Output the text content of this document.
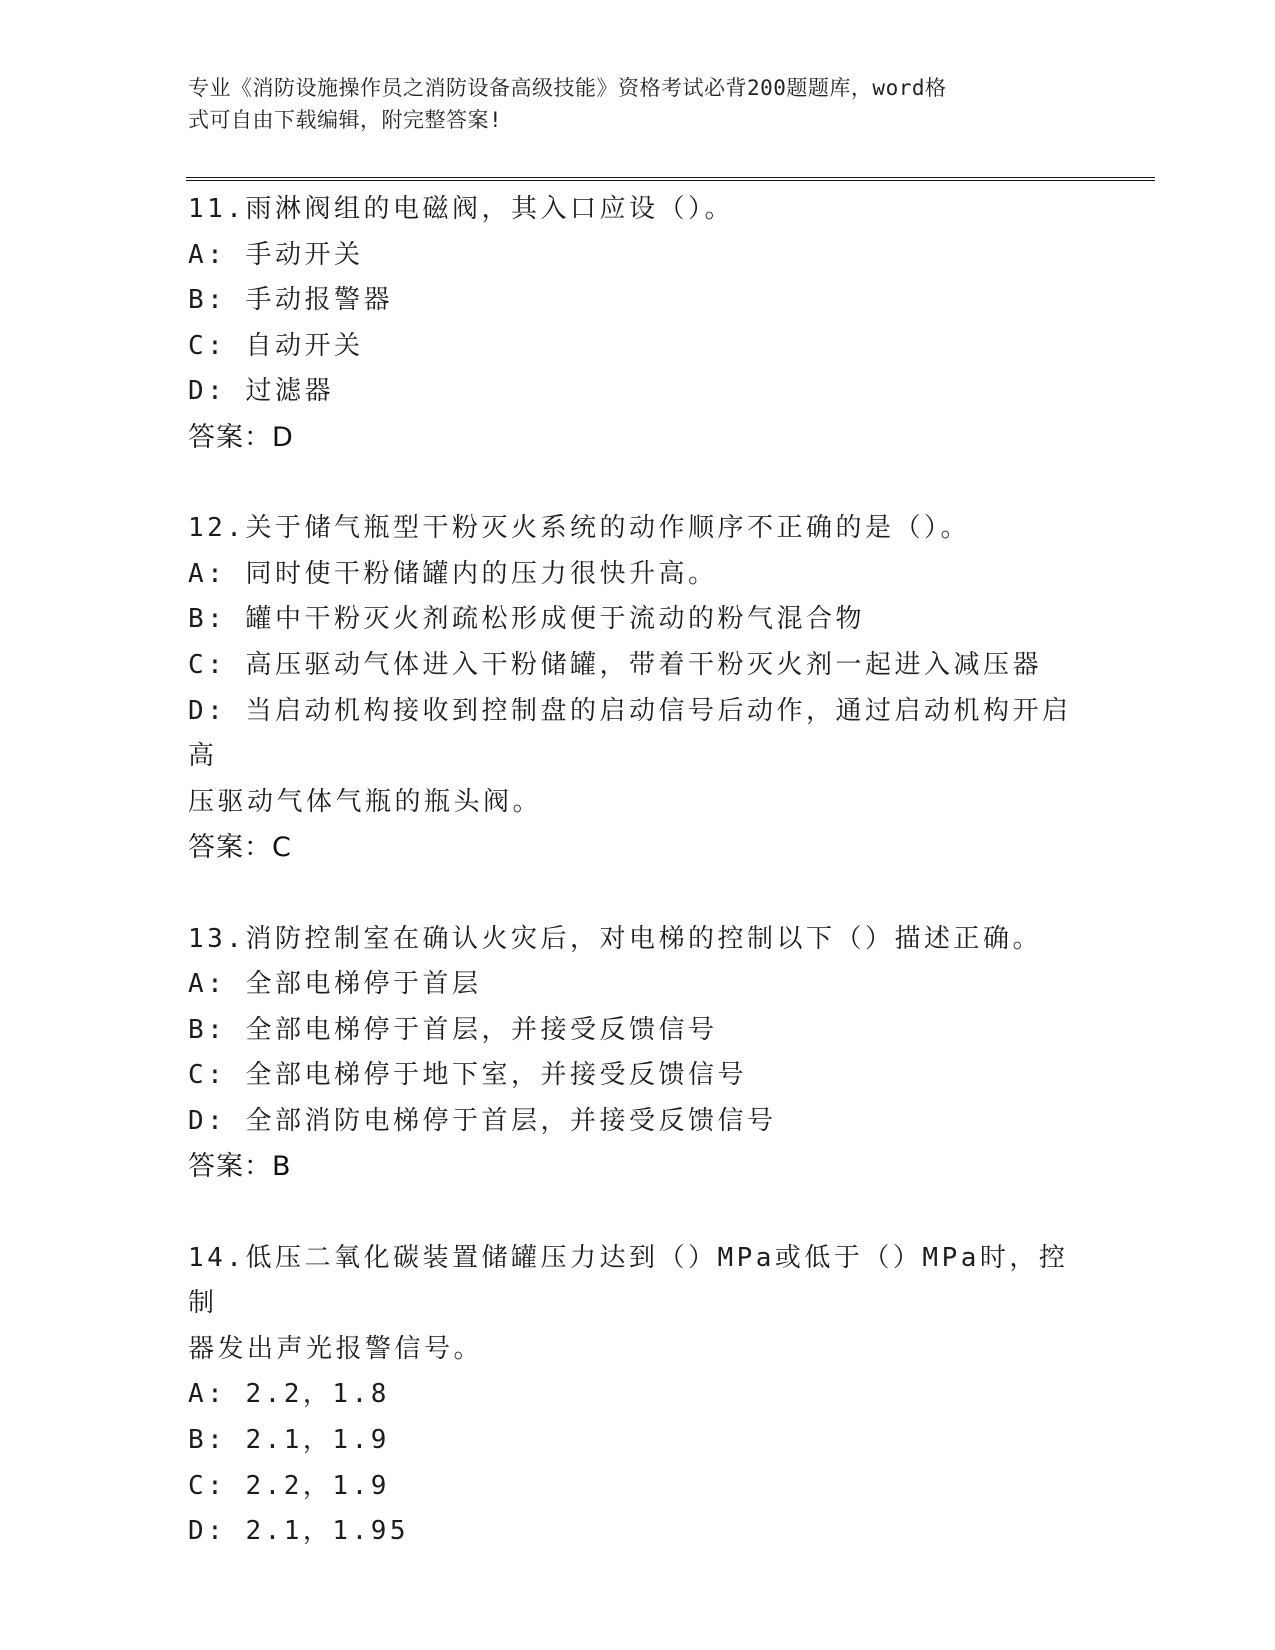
专业《消防设施操作员之消防设备高级技能》资格考试必背200题题库，word格
式可自由下载编辑，附完整答案!
11.雨淋阀组的电磁阀，其入口应设（）。
A: 手动开关
B: 手动报警器
C: 自动开关
D: 过滤器
答案：D
12.关于储气瓶型干粉灭火系统的动作顺序不正确的是（）。
A: 同时使干粉储罐内的压力很快升高。
B: 罐中干粉灭火剂疏松形成便于流动的粉气混合物
C: 高压驱动气体进入干粉储罐，带着干粉灭火剂一起进入减压器
D: 当启动机构接收到控制盘的启动信号后动作，通过启动机构开启高
压驱动气体气瓶的瓶头阀。
答案：C
13.消防控制室在确认火灾后，对电梯的控制以下（）描述正确。
A: 全部电梯停于首层
B: 全部电梯停于首层，并接受反馈信号
C: 全部电梯停于地下室，并接受反馈信号
D: 全部消防电梯停于首层，并接受反馈信号
答案：B
14.低压二氧化碳装置储罐压力达到（）MPa或低于（）MPa时，控制
器发出声光报警信号。
A: 2.2，1.8
B: 2.1，1.9
C: 2.2，1.9
D: 2.1，1.95
